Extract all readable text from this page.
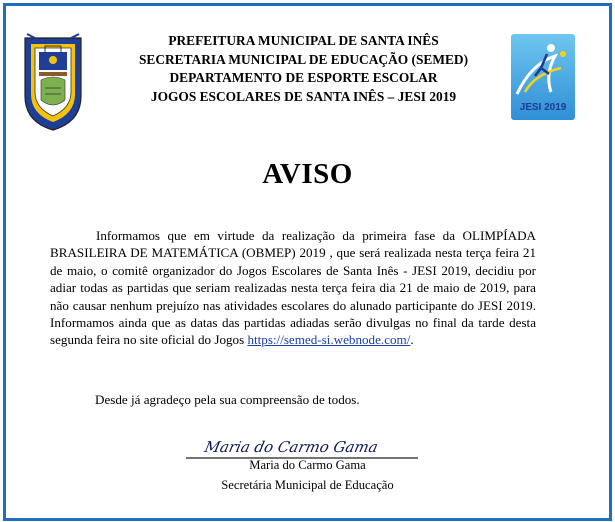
PREFEITURA MUNICIPAL DE SANTA INÊS
SECRETARIA MUNICIPAL DE EDUCAÇÃO (SEMED)
DEPARTAMENTO DE ESPORTE ESCOLAR
JOGOS ESCOLARES DE SANTA INÊS – JESI 2019
JESI 2019
AVISO
Informamos que em virtude da realização da primeira fase da OLIMPÍADA BRASILEIRA DE MATEMÁTICA (OBMEP) 2019 , que será realizada nesta terça feira 21 de maio, o comitê organizador do Jogos Escolares de Santa Inês - JESI 2019, decidiu por adiar todas as partidas que seriam realizadas nesta terça feira dia 21 de maio de 2019, para não causar nenhum prejuízo nas atividades escolares do alunado participante do JESI 2019. Informamos ainda que as datas das partidas adiadas serão divulgas no final da tarde desta segunda feira no site oficial do Jogos https://semed-si.webnode.com/.
Desde já agradeço pela sua compreensão de todos.
Maria do Carmo Gama
Maria do Carmo Gama
Secretária Municipal de Educação
